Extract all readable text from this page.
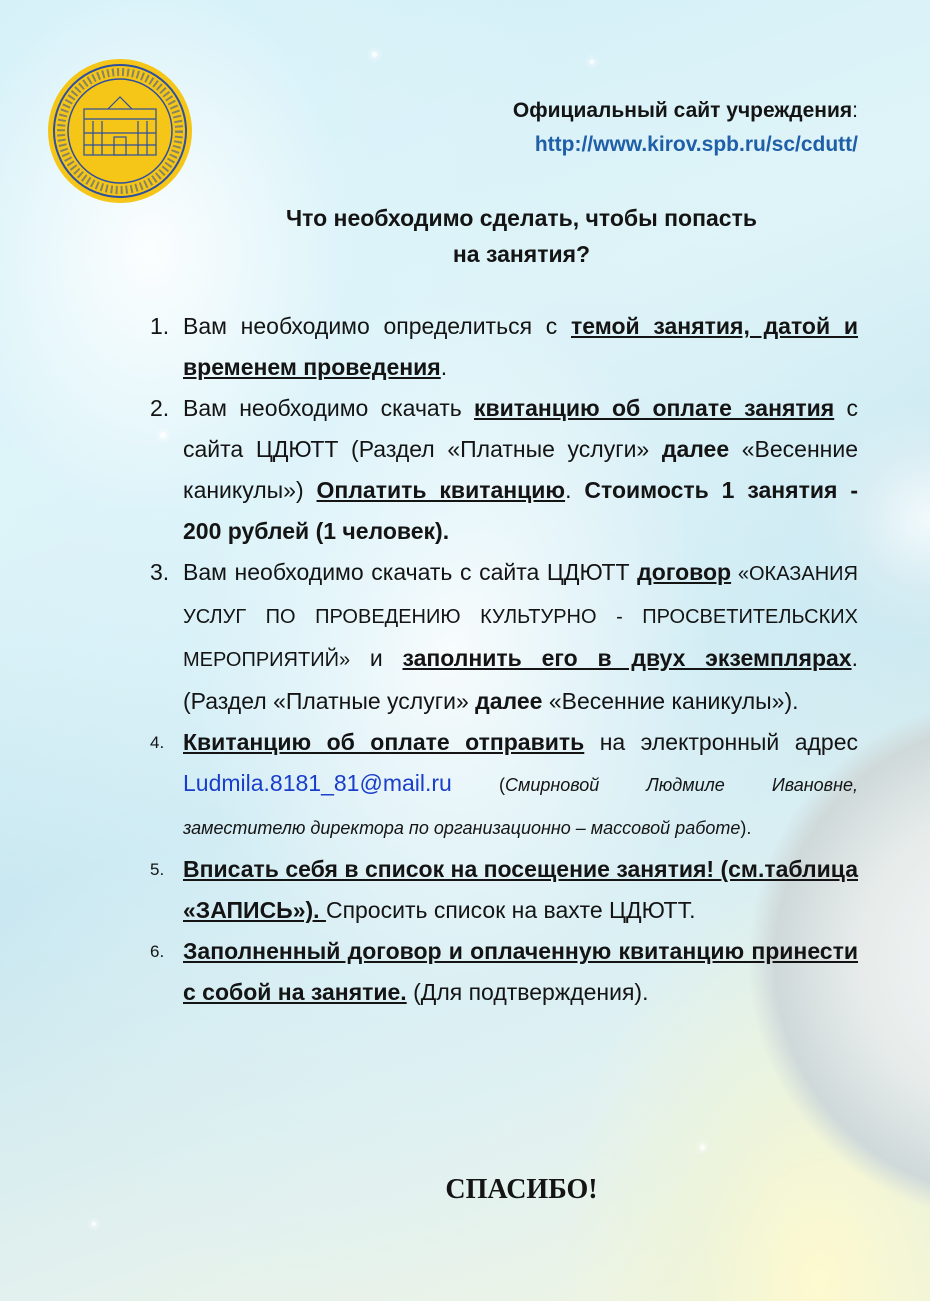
Официальный сайт учреждения:
http://www.kirov.spb.ru/sc/cdutt/
Что необходимо сделать, чтобы попасть
на занятия?
1. Вам необходимо определиться с темой занятия, датой и временем проведения.
2. Вам необходимо скачать квитанцию об оплате занятия с сайта ЦДЮТТ (Раздел «Платные услуги» далее «Весенние каникулы») Оплатить квитанцию. Стоимость 1 занятия - 200 рублей (1 человек).
3. Вам необходимо скачать с сайта ЦДЮТТ договор «ОКАЗАНИЯ УСЛУГ ПО ПРОВЕДЕНИЮ КУЛЬТУРНО - ПРОСВЕТИТЕЛЬСКИХ МЕРОПРИЯТИЙ» и заполнить его в двух экземплярах. (Раздел «Платные услуги» далее «Весенние каникулы»).
4. Квитанцию об оплате отправить на электронный адрес Ludmila.8181_81@mail.ru (Смирновой Людмиле Ивановне, заместителю директора по организационно – массовой работе).
5. Вписать себя в список на посещение занятия! (см.таблица «ЗАПИСЬ»). Спросить список на вахте ЦДЮТТ.
6. Заполненный договор и оплаченную квитанцию принести с собой на занятие. (Для подтверждения).
СПАСИБО!
